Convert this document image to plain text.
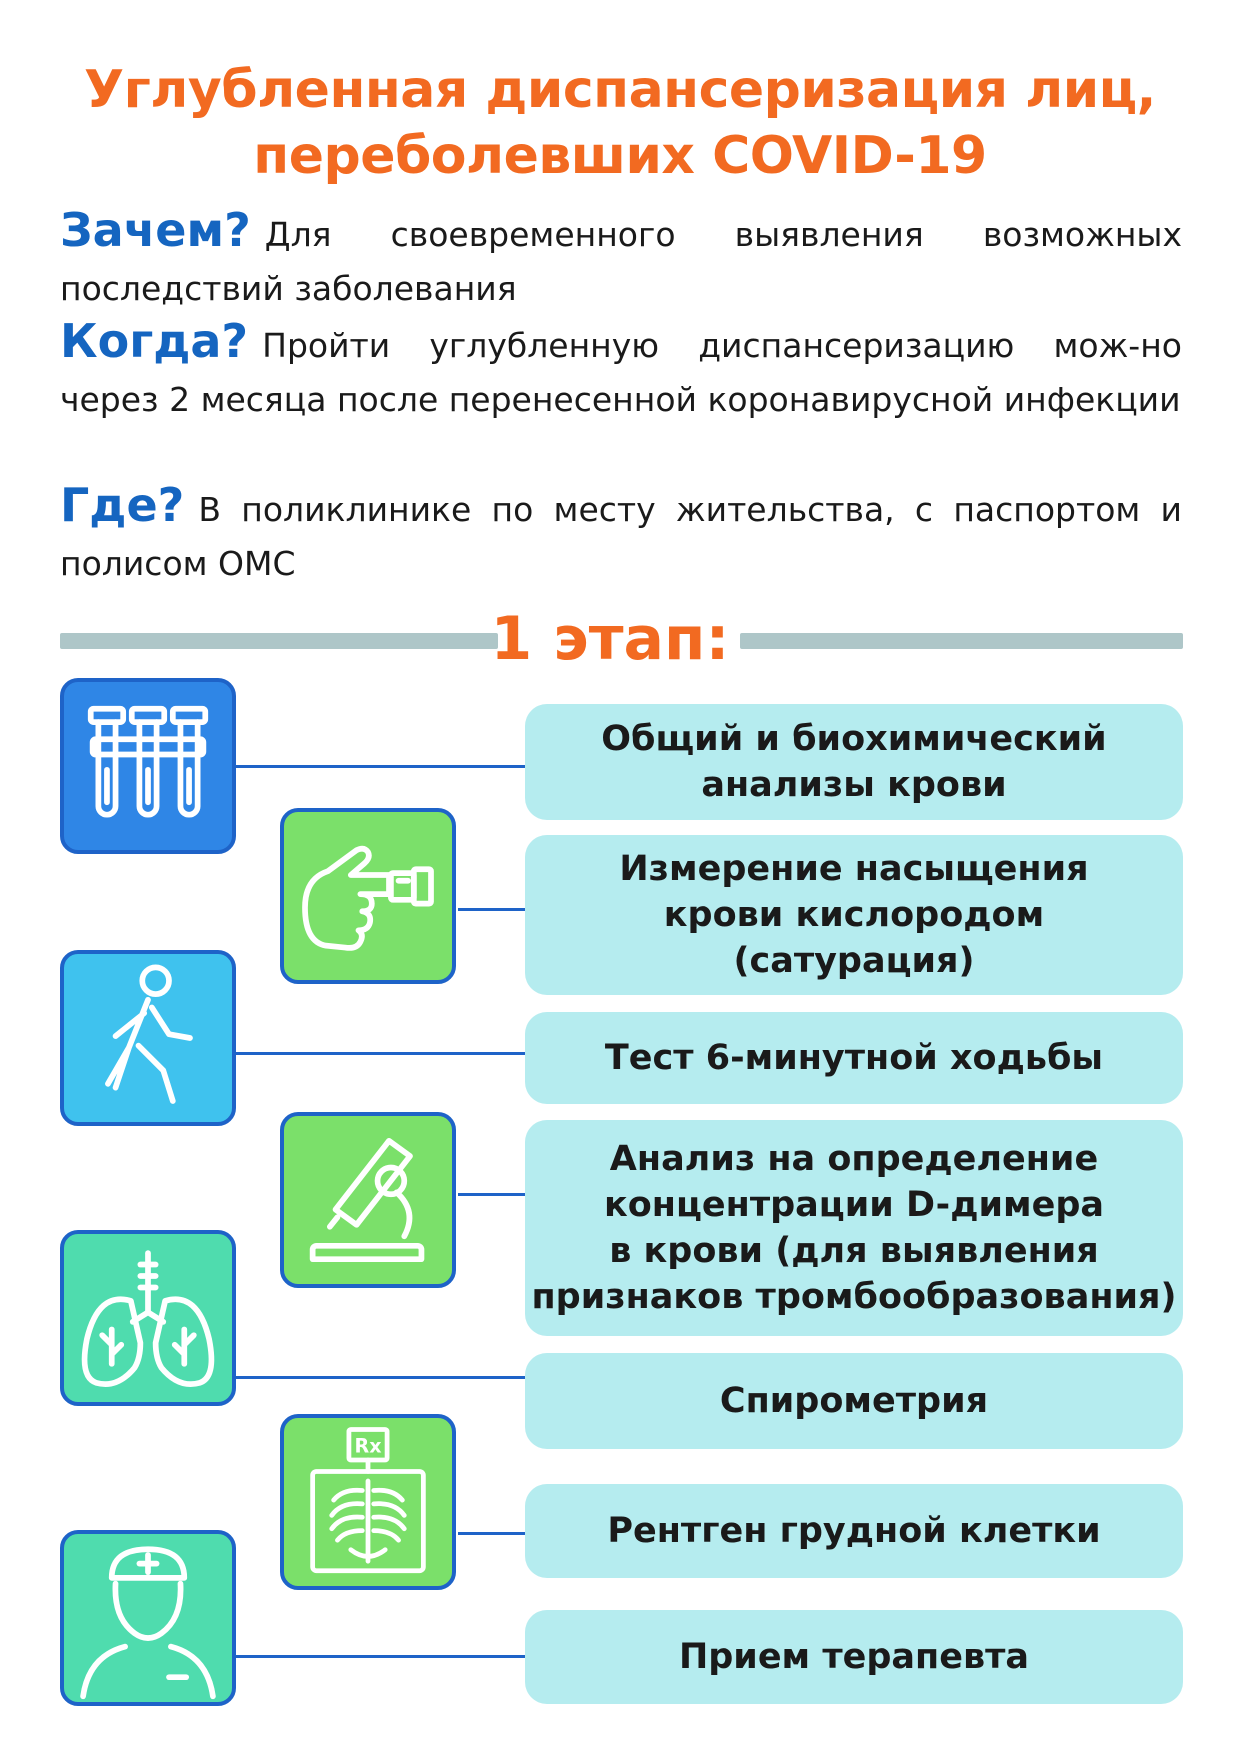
Углубленная диспансеризация лиц,
переболевших COVID-19
Зачем? Для своевременного выявления возможных последствий заболевания
Когда? Пройти углубленную диспансеризацию мож-но через 2 месяца после перенесенной коронавирусной инфекции
Где? В поликлинике по месту жительства, с паспортом и полисом ОМС
1 этап:
Общий и биохимический
анализы крови
Измерение насыщения
крови кислородом
(сатурация)
Тест 6-минутной ходьбы
Анализ на определение
концентрации D-димера
в крови (для выявления
признаков тромбообразования)
Спирометрия
Рентген грудной клетки
Прием терапевта
Rx
